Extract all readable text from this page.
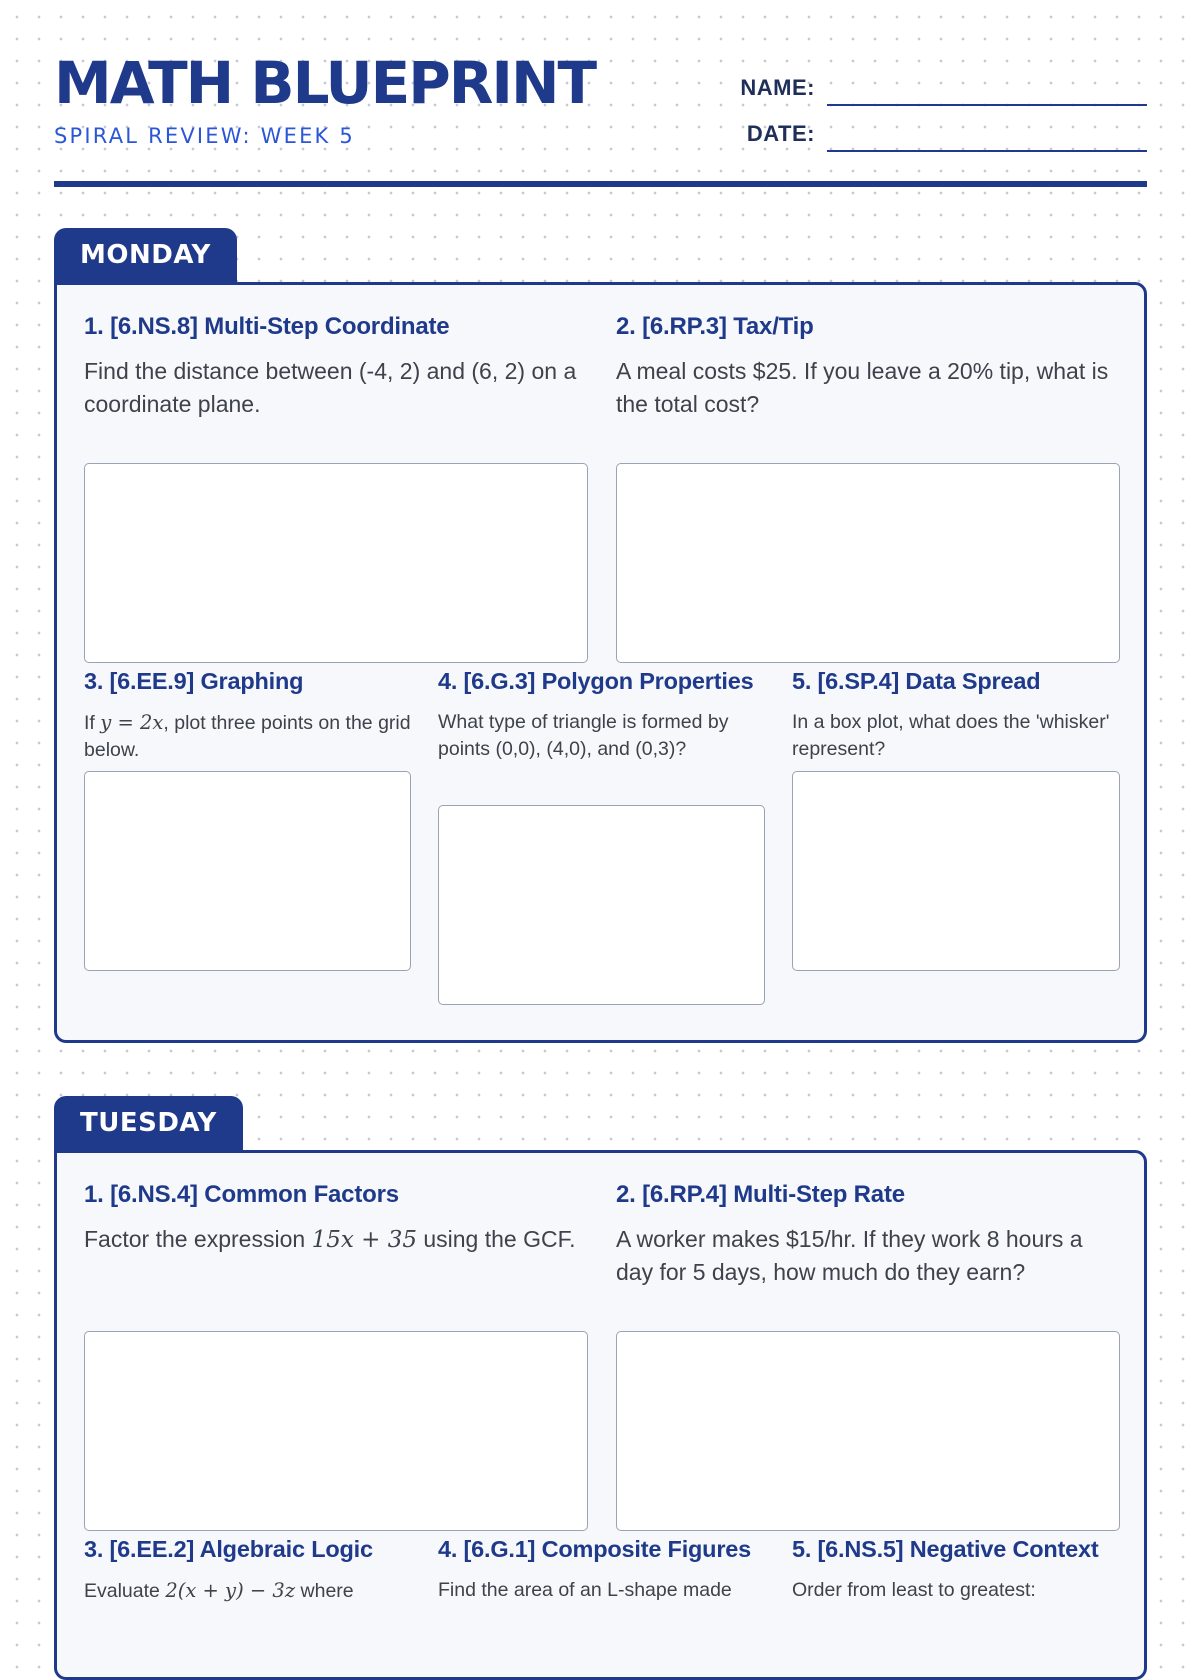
MATH BLUEPRINT
SPIRAL REVIEW: WEEK 5
NAME:
DATE:
MONDAY
1. [6.NS.8] Multi-Step Coordinate

Find the distance between (-4, 2) and (6, 2) on a coordinate plane.

2. [6.RP.3] Tax/Tip

A meal costs $25. If you leave a 20% tip, what is the total cost?

3. [6.EE.9] Graphing

If y = 2x, plot three points on the grid below.

4. [6.G.3] Polygon Properties

What type of triangle is formed by points (0,0), (4,0), and (0,3)?

5. [6.SP.4] Data Spread

In a box plot, what does the 'whisker' represent?

TUESDAY
1. [6.NS.4] Common Factors

Factor the expression 15x + 35 using the GCF.

2. [6.RP.4] Multi-Step Rate

A worker makes $15/hr. If they work 8 hours a day for 5 days, how much do they earn?

3. [6.EE.2] Algebraic Logic

Evaluate 2(x + y) − 3z where

4. [6.G.1] Composite Figures

Find the area of an L-shape made

5. [6.NS.5] Negative Context

Order from least to greatest:
